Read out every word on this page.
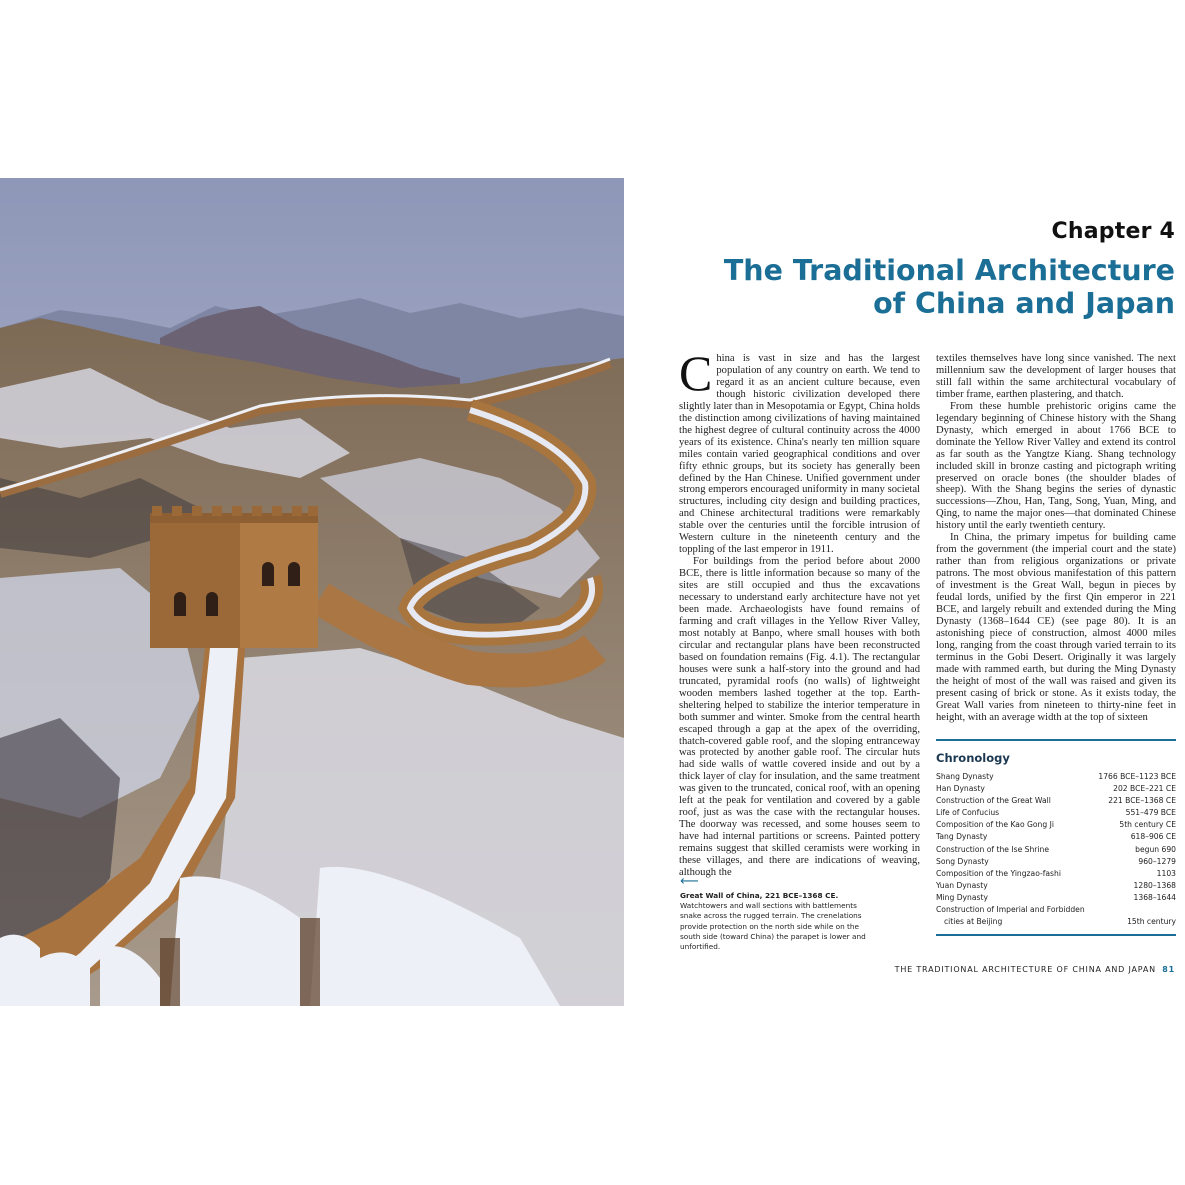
Chapter 4
The Traditional Architecture
of China and Japan

China is vast in size and has the largest population of any country on earth. We tend to regard it as an ancient culture because, even though historic civilization developed there slightly later than in Mesopotamia or Egypt, China holds the distinction among civilizations of having maintained the highest degree of cultural continuity across the 4000 years of its existence. China's nearly ten million square miles contain varied geographical conditions and over fifty ethnic groups, but its society has generally been defined by the Han Chinese. Unified government under strong emperors encouraged uniformity in many societal structures, including city design and building practices, and Chinese architectural traditions were remarkably stable over the centuries until the forcible intrusion of Western culture in the nineteenth century and the toppling of the last emperor in 1911.

For buildings from the period before about 2000 BCE, there is little information because so many of the sites are still occupied and thus the excavations necessary to understand early architecture have not yet been made. Archaeologists have found remains of farming and craft villages in the Yellow River Valley, most notably at Banpo, where small houses with both circular and rectangular plans have been reconstructed based on foundation remains (Fig. 4.1). The rectangular houses were sunk a half-story into the ground and had truncated, pyramidal roofs (no walls) of lightweight wooden members lashed together at the top. Earth-sheltering helped to stabilize the interior temperature in both summer and winter. Smoke from the central hearth escaped through a gap at the apex of the overriding, thatch-covered gable roof, and the sloping entranceway was protected by another gable roof. The circular huts had side walls of wattle covered inside and out by a thick layer of clay for insulation, and the same treatment was given to the truncated, conical roof, with an opening left at the peak for ventilation and covered by a gable roof, just as was the case with the rectangular houses. The doorway was recessed, and some houses seem to have had internal partitions or screens. Painted pottery remains suggest that skilled ceramists were working in these villages, and there are indications of weaving, although the

textiles themselves have long since vanished. The next millennium saw the development of larger houses that still fall within the same architectural vocabulary of timber frame, earthen plastering, and thatch.

From these humble prehistoric origins came the legendary beginning of Chinese history with the Shang Dynasty, which emerged in about 1766 BCE to dominate the Yellow River Valley and extend its control as far south as the Yangtze Kiang. Shang technology included skill in bronze casting and pictograph writing preserved on oracle bones (the shoulder blades of sheep). With the Shang begins the series of dynastic successions—Zhou, Han, Tang, Song, Yuan, Ming, and Qing, to name the major ones—that dominated Chinese history until the early twentieth century.

In China, the primary impetus for building came from the government (the imperial court and the state) rather than from religious organizations or private patrons. The most obvious manifestation of this pattern of investment is the Great Wall, begun in pieces by feudal lords, unified by the first Qin emperor in 221 BCE, and largely rebuilt and extended during the Ming Dynasty (1368–1644 CE) (see page 80). It is an astonishing piece of construction, almost 4000 miles long, ranging from the coast through varied terrain to its terminus in the Gobi Desert. Originally it was largely made with rammed earth, but during the Ming Dynasty the height of most of the wall was raised and given its present casing of brick or stone. As it exists today, the Great Wall varies from nineteen to thirty-nine feet in height, with an average width at the top of sixteen

Chronology
Shang Dynasty	1766 BCE–1123 BCE
Han Dynasty	202 BCE–221 CE
Construction of the Great Wall	221 BCE–1368 CE
Life of Confucius	551–479 BCE
Composition of the Kao Gong Ji	5th century CE
Tang Dynasty	618–906 CE
Construction of the Ise Shrine	begun 690
Song Dynasty	960–1279
Composition of the Yingzao-fashi	1103
Yuan Dynasty	1280–1368
Ming Dynasty	1368–1644
Construction of Imperial and Forbidden
cities at Beijing	15th century
⟵
Great Wall of China, 221 BCE–1368 CE. Watchtowers and wall sections with battlements snake across the rugged terrain. The crenelations provide protection on the north side while on the south side (toward China) the parapet is lower and unfortified.
THE TRADITIONAL ARCHITECTURE OF CHINA AND JAPAN 81
